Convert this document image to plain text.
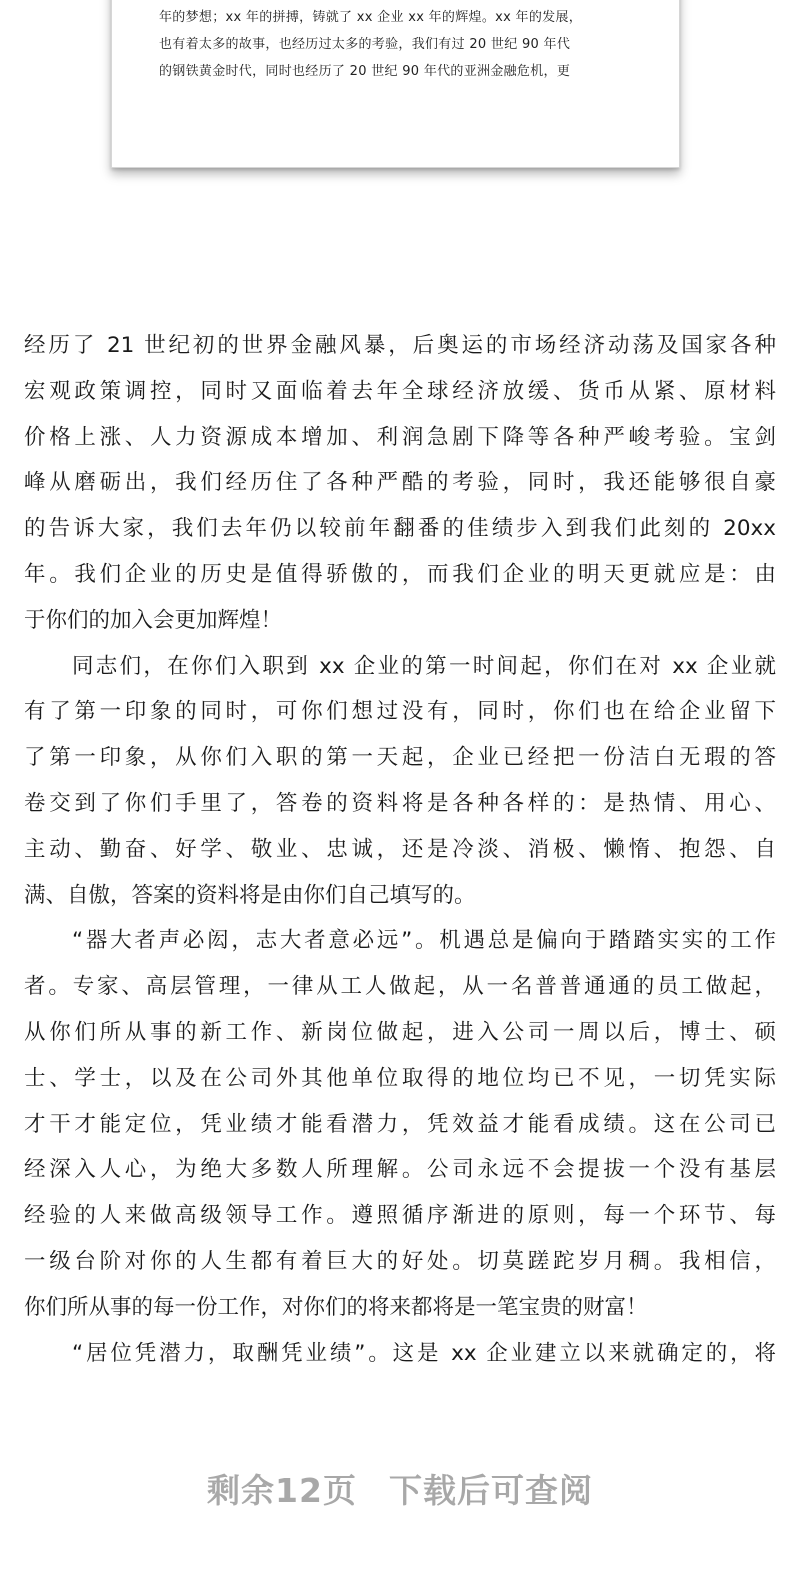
年的梦想；xx 年的拼搏，铸就了 xx 企业 xx 年的辉煌。xx 年的发展，
也有着太多的故事，也经历过太多的考验，我们有过 20 世纪 90 年代
的钢铁黄金时代，同时也经历了 20 世纪 90 年代的亚洲金融危机，更

经历了 21 世纪初的世界金融风暴，后奥运的市场经济动荡及国家各种
宏观政策调控，同时又面临着去年全球经济放缓、货币从紧、原材料
价格上涨、人力资源成本增加、利润急剧下降等各种严峻考验。宝剑
峰从磨砺出，我们经历住了各种严酷的考验，同时，我还能够很自豪
的告诉大家，我们去年仍以较前年翻番的佳绩步入到我们此刻的 20xx
年。我们企业的历史是值得骄傲的，而我们企业的明天更就应是：由
于你们的加入会更加辉煌！
同志们，在你们入职到 xx 企业的第一时间起，你们在对 xx 企业就
有了第一印象的同时，可你们想过没有，同时，你们也在给企业留下
了第一印象，从你们入职的第一天起，企业已经把一份洁白无瑕的答
卷交到了你们手里了，答卷的资料将是各种各样的：是热情、用心、
主动、勤奋、好学、敬业、忠诚，还是冷淡、消极、懒惰、抱怨、自
满、自傲，答案的资料将是由你们自己填写的。
“器大者声必闳，志大者意必远”。机遇总是偏向于踏踏实实的工作
者。专家、高层管理，一律从工人做起，从一名普普通通的员工做起，
从你们所从事的新工作、新岗位做起，进入公司一周以后，博士、硕
士、学士，以及在公司外其他单位取得的地位均已不见，一切凭实际
才干才能定位，凭业绩才能看潜力，凭效益才能看成绩。这在公司已
经深入人心，为绝大多数人所理解。公司永远不会提拔一个没有基层
经验的人来做高级领导工作。遵照循序渐进的原则，每一个环节、每
一级台阶对你的人生都有着巨大的好处。切莫蹉跎岁月稠。我相信，
你们所从事的每一份工作，对你们的将来都将是一笔宝贵的财富！
“居位凭潜力，取酬凭业绩”。这是 xx 企业建立以来就确定的，将
剩余12页 下载后可查阅
